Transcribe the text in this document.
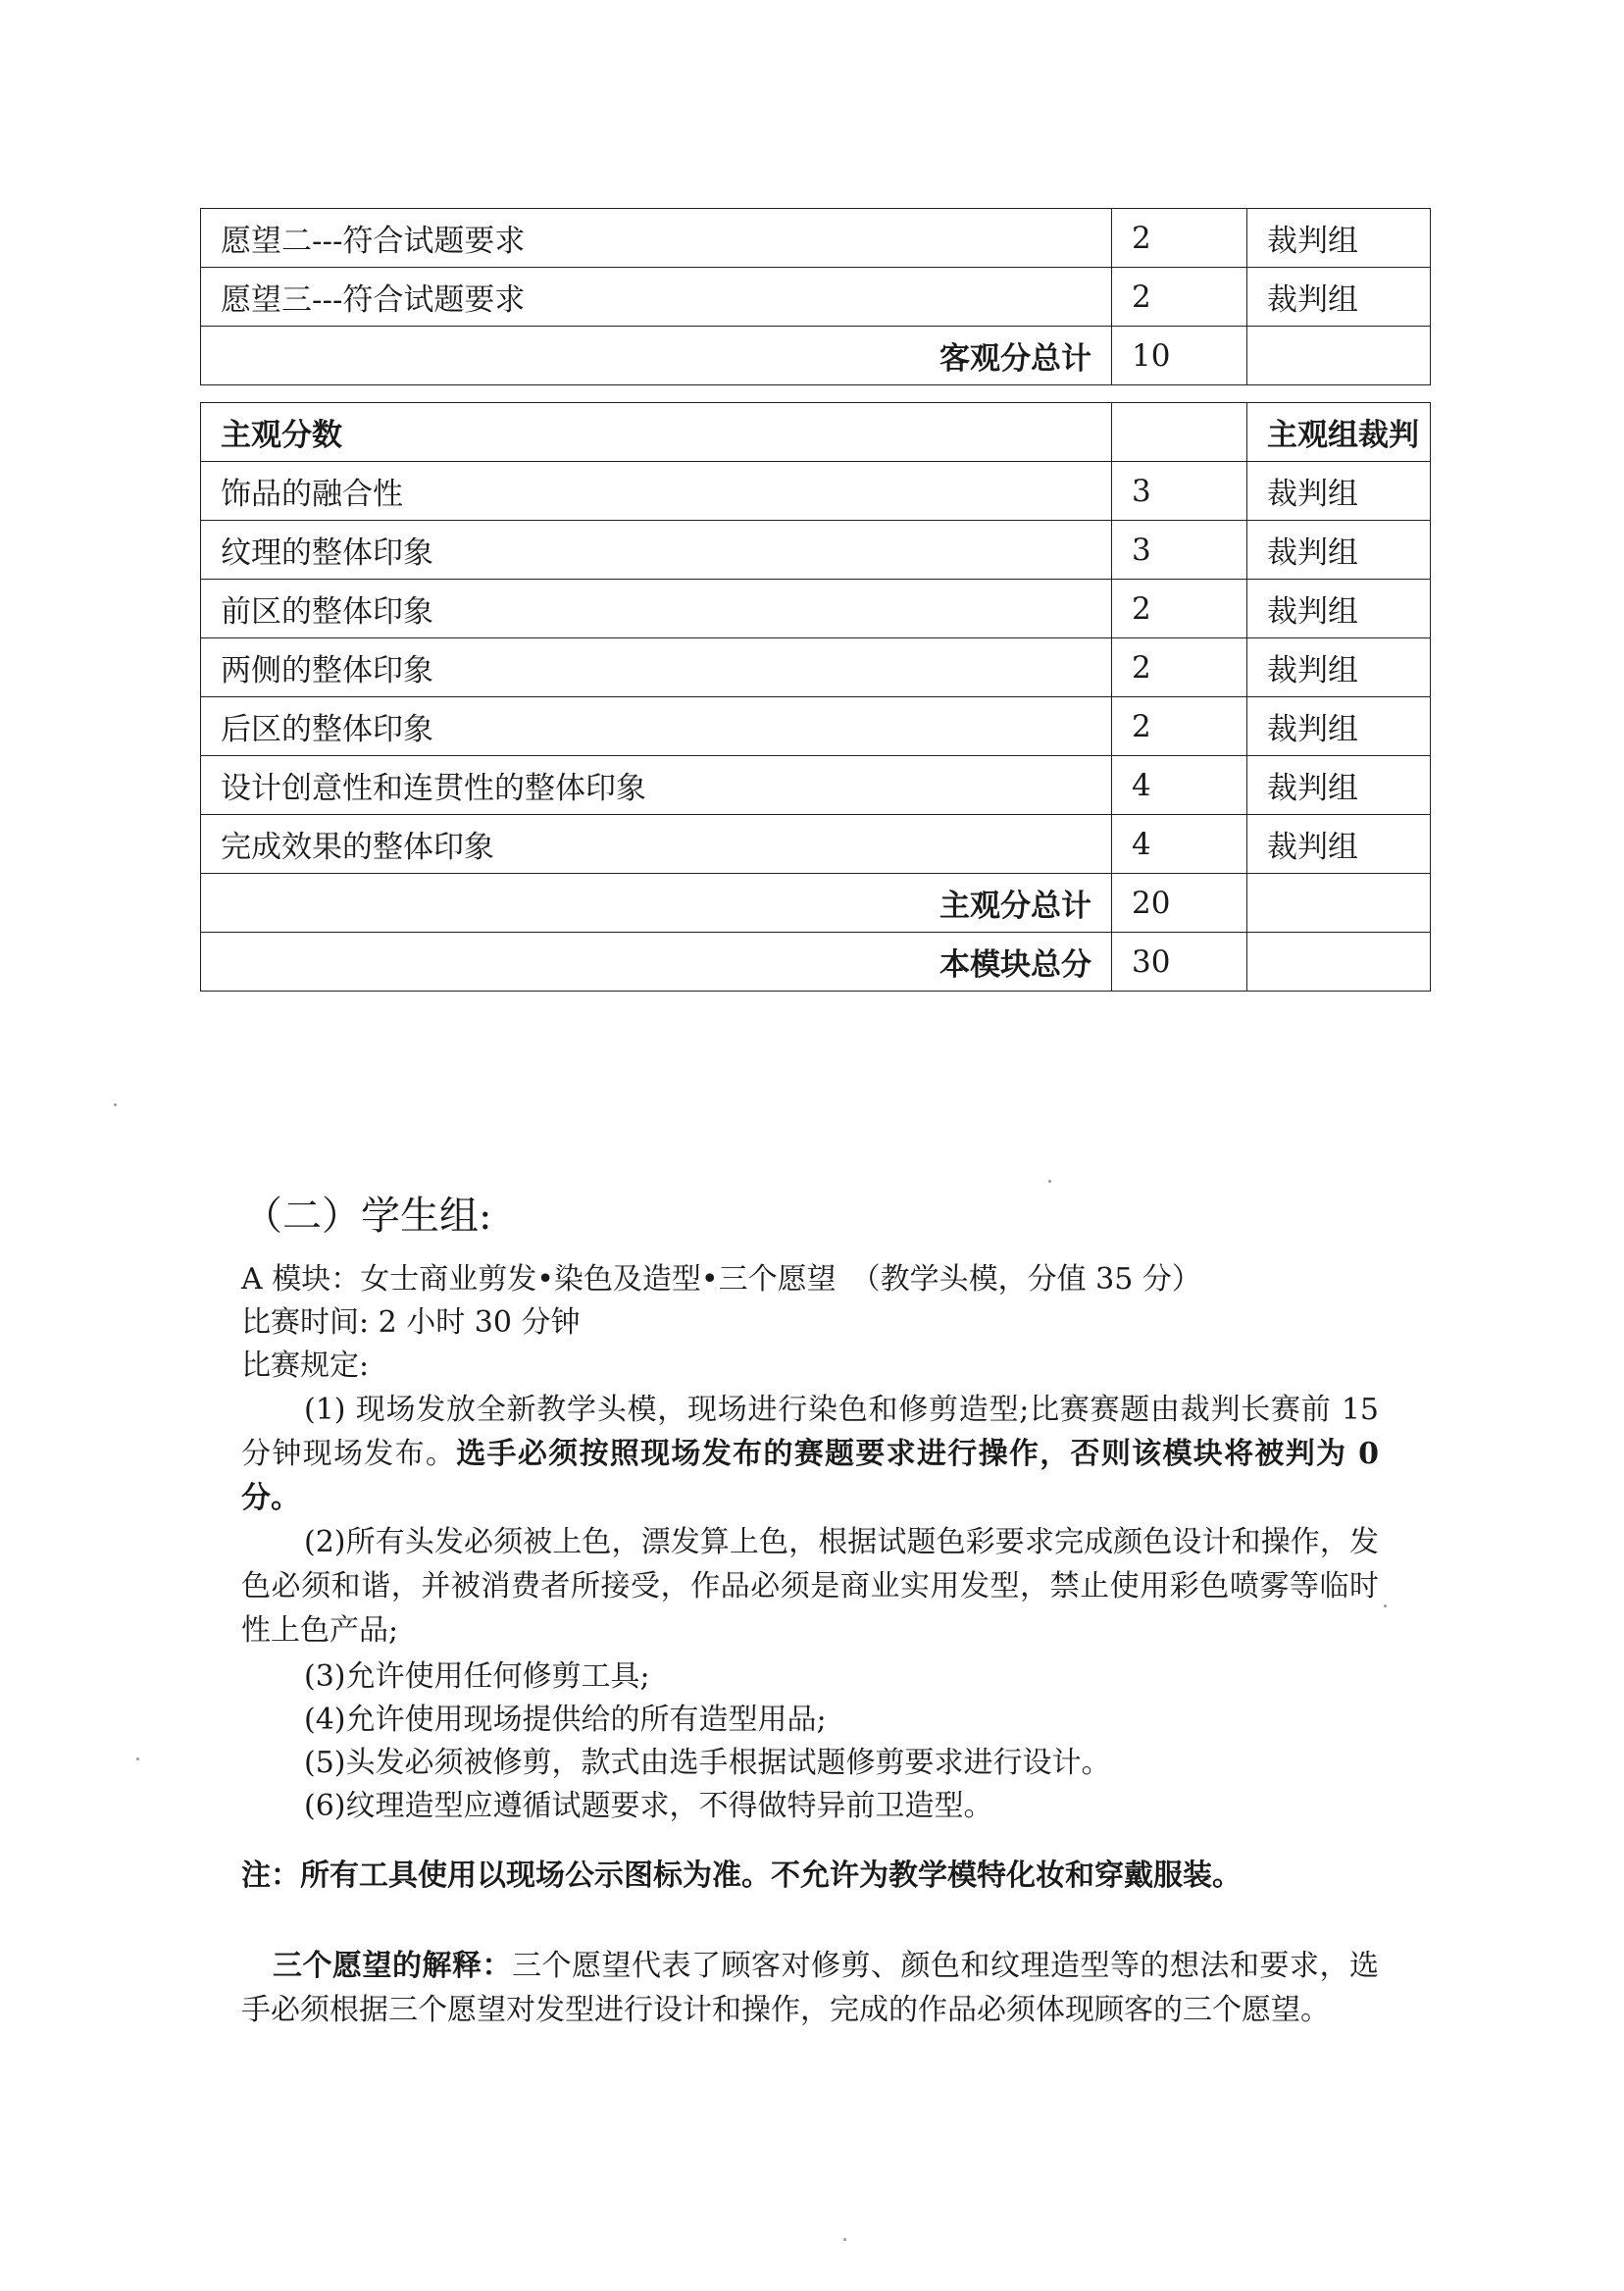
愿望二---符合试题要求	2	裁判组
愿望三---符合试题要求	2	裁判组
客观分总计	10	
主观分数		主观组裁判
饰品的融合性	3	裁判组
纹理的整体印象	3	裁判组
前区的整体印象	2	裁判组
两侧的整体印象	2	裁判组
后区的整体印象	2	裁判组
设计创意性和连贯性的整体印象	4	裁判组
完成效果的整体印象	4	裁判组
主观分总计	20	
本模块总分	30	
（二）学生组:
A 模块：女士商业剪发•染色及造型•三个愿望　（教学头模，分值 35 分）
比赛时间: 2 小时 30 分钟
比赛规定:
(1) 现场发放全新教学头模，现场进行染色和修剪造型;比赛赛题由裁判长赛前 15 分钟现场发布。选手必须按照现场发布的赛题要求进行操作，否则该模块将被判为 0 分。
(2)所有头发必须被上色，漂发算上色，根据试题色彩要求完成颜色设计和操作，发色必须和谐，并被消费者所接受，作品必须是商业实用发型，禁止使用彩色喷雾等临时性上色产品;
(3)允许使用任何修剪工具;
(4)允许使用现场提供给的所有造型用品;
(5)头发必须被修剪，款式由选手根据试题修剪要求进行设计。
(6)纹理造型应遵循试题要求，不得做特异前卫造型。
注：所有工具使用以现场公示图标为准。不允许为教学模特化妆和穿戴服装。
三个愿望的解释：三个愿望代表了顾客对修剪、颜色和纹理造型等的想法和要求，选手必须根据三个愿望对发型进行设计和操作，完成的作品必须体现顾客的三个愿望。
